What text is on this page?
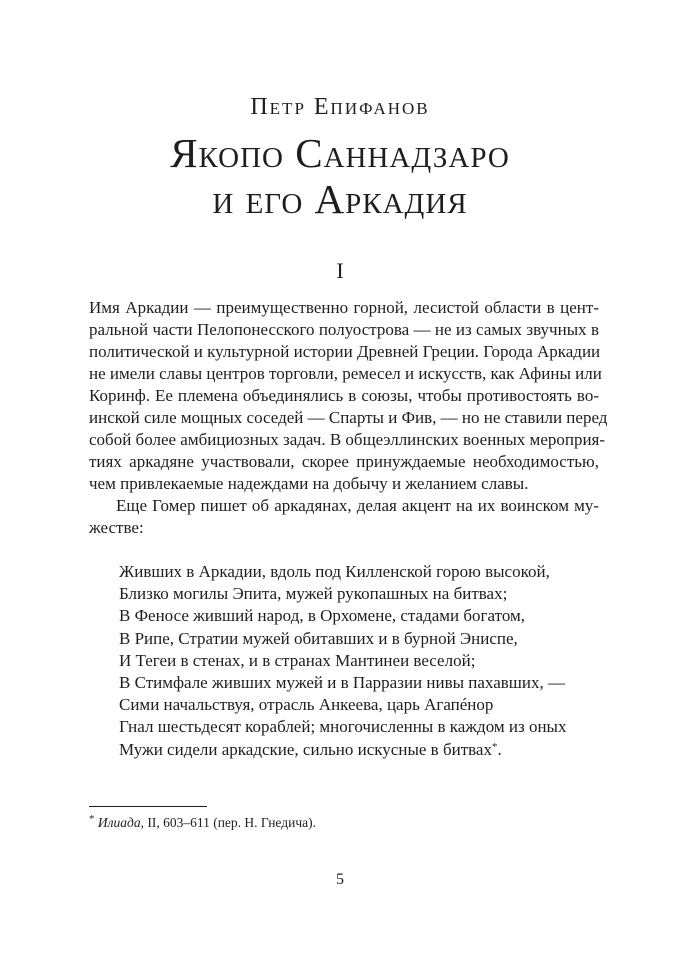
Петр Епифанов
Якопо Саннадзаро
и его Аркадия
I
Имя Аркадии — преимущественно горной, лесистой области в цент-
ральной части Пелопонесского полуострова — не из самых звучных в
политической и культурной истории Древней Греции. Города Аркадии
не имели славы центров торговли, ремесел и искусств, как Афины или
Коринф. Ее племена объединялись в союзы, чтобы противостоять во-
инской силе мощных соседей — Спарты и Фив, — но не ставили перед
собой более амбициозных задач. В общеэллинских военных мероприя-
тиях аркадяне участвовали, скорее принуждаемые необходимостью,
чем привлекаемые надеждами на добычу и желанием славы.
Еще Гомер пишет об аркадянах, делая акцент на их воинском му-
жестве:
Живших в Аркадии, вдоль под Килленской горою высокой,
Близко могилы Эпита, мужей рукопашных на битвах;
В Феносе живший народ, в Орхомене, стадами богатом,
В Рипе, Стратии мужей обитавших и в бурной Эниспе,
И Тегеи в стенах, и в странах Мантинеи веселой;
В Стимфале живших мужей и в Парразии нивы пахавших, —
Сими начальствуя, отрасль Анкеева, царь Агапéнор
Гнал шестьдесят кораблей; многочисленны в каждом из оных
Мужи сидели аркадские, сильно искусные в битвах*.
* Илиада, II, 603–611 (пер. Н. Гнедича).
5
